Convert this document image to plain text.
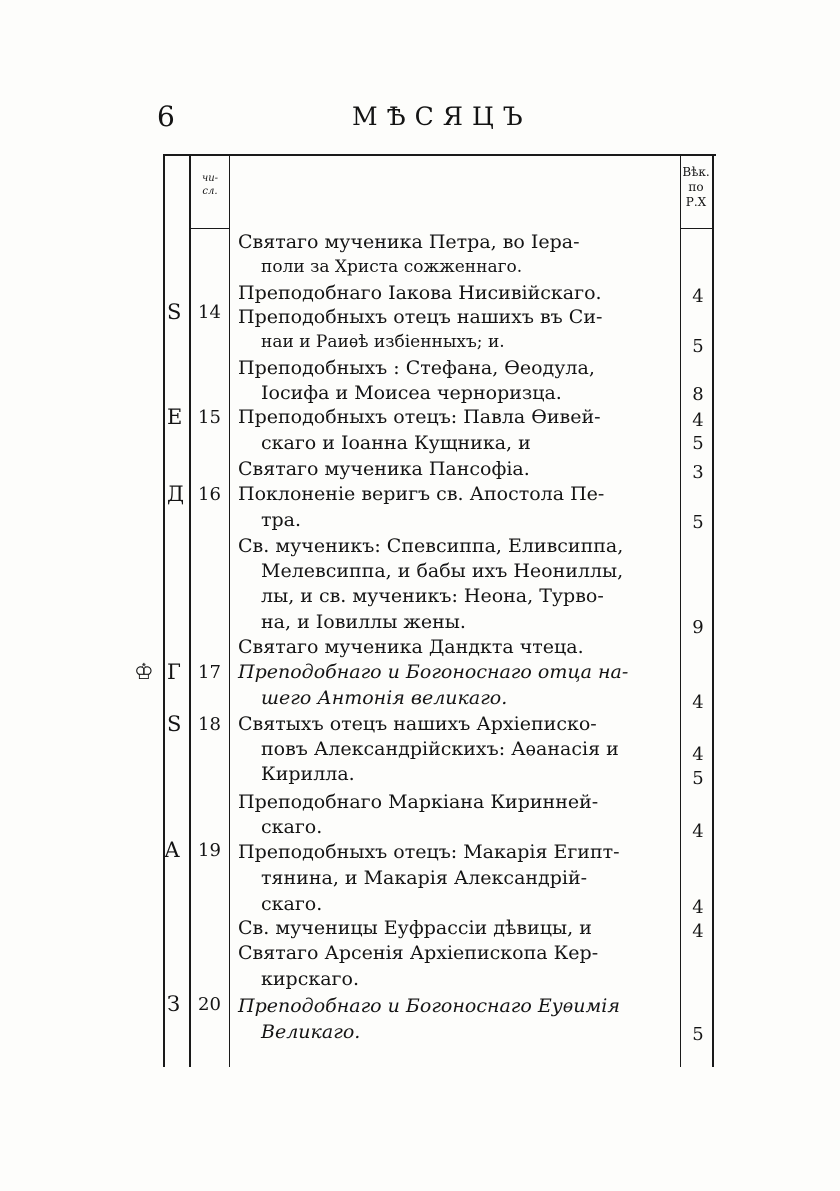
6	МѢСЯЦЪ
чи-
сл.
Вѣк.
по
Р.Х
♔
S
Е
Д
Г
Ѕ
А
З
14
15
16
17
18
19
20
Святаго мученика Петра, во Iера-
поли за Христа сожженнаго.
Преподобнаго Iакова Нисивiйскаго.
Преподобныхъ отецъ нашихъ въ Си-
наи и Раиѳѣ избiенныхъ; и.
Преподобныхъ : Стефана, Ѳеодула,
Iосифа и Моисеа черноризца.
Преподобныхъ отецъ: Павла Ѳивей-
скаго и Iоанна Кущника, и
Святаго мученика Пансофiа.
Поклоненiе веригъ св. Апостола Пе-
тра.
Св. мученикъ: Спевсиппа, Еливсиппа,
Мелевсиппа, и бабы ихъ Неониллы,
лы, и св. мученикъ: Неона, Турво-
на, и Iовиллы жены.
Святаго мученика Дандкта чтеца.
Преподобнаго и Богоноснаго отца на-
шего Антонiя великаго.
Святыхъ отецъ нашихъ Архiеписко-
повъ Александрiйскихъ: Аѳанасiя и
Кирилла.
Преподобнаго Маркiана Киринней-
скаго.
Преподобныхъ отецъ: Макарiя Египт-
тянина, и Макарiя Александрiй-
скаго.
Св. мученицы Еуфрассiи дѣвицы, и
Святаго Арсенiя Архiепископа Кер-
кирскаго.
Преподобнаго и Богоноснаго Еуѳимiя
Великаго.
4
5
8
4
5
3
5
9
4
4
5
4
4
4
5
